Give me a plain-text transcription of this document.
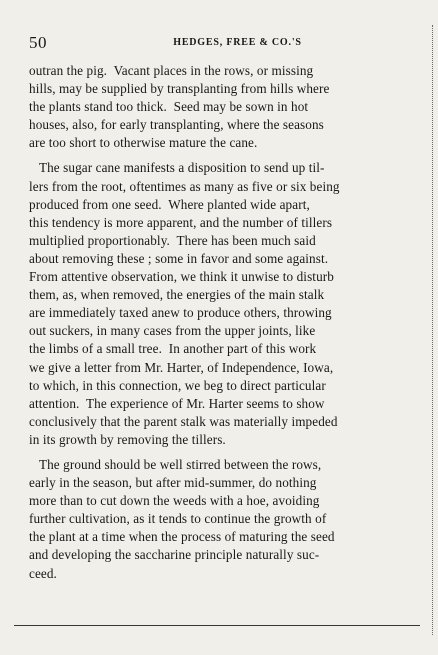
50	HEDGES, FREE & CO.'S
outran the pig.  Vacant places in the rows, or missing
hills, may be supplied by transplanting from hills where
the plants stand too thick.  Seed may be sown in hot
houses, also, for early transplanting, where the seasons
are too short to otherwise mature the cane.
The sugar cane manifests a disposition to send up til-
lers from the root, oftentimes as many as five or six being
produced from one seed.  Where planted wide apart,
this tendency is more apparent, and the number of tillers
multiplied proportionably.  There has been much said
about removing these ; some in favor and some against.
From attentive observation, we think it unwise to disturb
them, as, when removed, the energies of the main stalk
are immediately taxed anew to produce others, throwing
out suckers, in many cases from the upper joints, like
the limbs of a small tree.  In another part of this work
we give a letter from Mr. Harter, of Independence, Iowa,
to which, in this connection, we beg to direct particular
attention.  The experience of Mr. Harter seems to show
conclusively that the parent stalk was materially impeded
in its growth by removing the tillers.
The ground should be well stirred between the rows,
early in the season, but after mid-summer, do nothing
more than to cut down the weeds with a hoe, avoiding
further cultivation, as it tends to continue the growth of
the plant at a time when the process of maturing the seed
and developing the saccharine principle naturally suc-
ceed.
